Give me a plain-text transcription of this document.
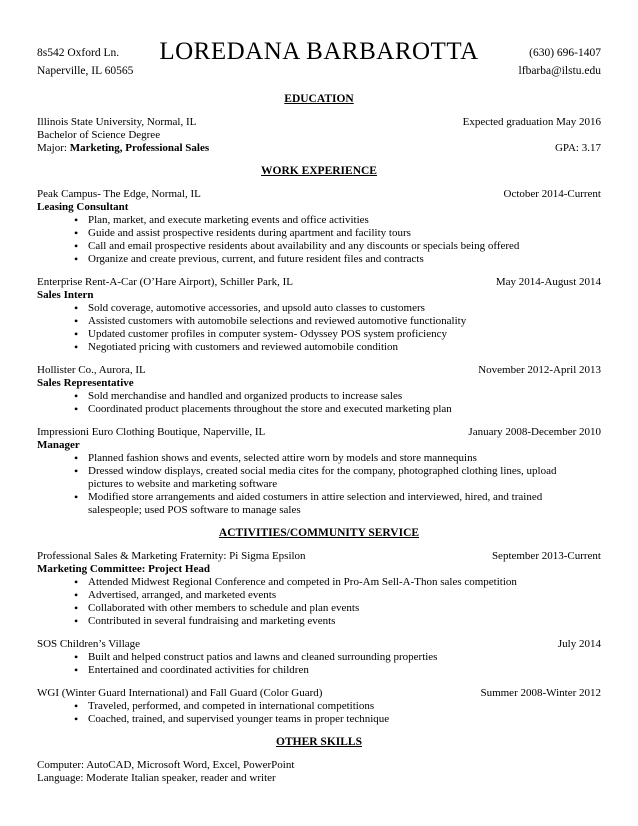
8s542 Oxford Ln.
Naperville, IL 60565
LOREDANA BARBAROTTA	(630) 696-1407
lfbarba@ilstu.edu
EDUCATION
Illinois State University, Normal, IL	Expected graduation May 2016
Bachelor of Science Degree
Major: Marketing, Professional Sales	GPA: 3.17
WORK EXPERIENCE
Peak Campus- The Edge, Normal, IL	October 2014-Current
Leasing Consultant
• Plan, market, and execute marketing events and office activities
• Guide and assist prospective residents during apartment and facility tours
• Call and email prospective residents about availability and any discounts or specials being offered
• Organize and create previous, current, and future resident files and contracts
Enterprise Rent-A-Car (O’Hare Airport), Schiller Park, IL	May 2014-August 2014
Sales Intern
• Sold coverage, automotive accessories, and upsold auto classes to customers
• Assisted customers with automobile selections and reviewed automotive functionality
• Updated customer profiles in computer system- Odyssey POS system proficiency
• Negotiated pricing with customers and reviewed automobile condition
Hollister Co., Aurora, IL	November 2012-April 2013
Sales Representative
• Sold merchandise and handled and organized products to increase sales
• Coordinated product placements throughout the store and executed marketing plan
Impressioni Euro Clothing Boutique, Naperville, IL	January 2008-December 2010
Manager
• Planned fashion shows and events, selected attire worn by models and store mannequins
• Dressed window displays, created social media cites for the company, photographed clothing lines, upload
pictures to website and marketing software
• Modified store arrangements and aided costumers in attire selection and interviewed, hired, and trained
salespeople; used POS software to manage sales
ACTIVITIES/COMMUNITY SERVICE
Professional Sales & Marketing Fraternity: Pi Sigma Epsilon	September 2013-Current
Marketing Committee: Project Head
• Attended Midwest Regional Conference and competed in Pro-Am Sell-A-Thon sales competition
• Advertised, arranged, and marketed events
• Collaborated with other members to schedule and plan events
• Contributed in several fundraising and marketing events
SOS Children’s Village	July 2014
• Built and helped construct patios and lawns and cleaned surrounding properties
• Entertained and coordinated activities for children
WGI (Winter Guard International) and Fall Guard (Color Guard)	Summer 2008-Winter 2012
• Traveled, performed, and competed in international competitions
• Coached, trained, and supervised younger teams in proper technique
OTHER SKILLS
Computer: AutoCAD, Microsoft Word, Excel, PowerPoint
Language: Moderate Italian speaker, reader and writer
